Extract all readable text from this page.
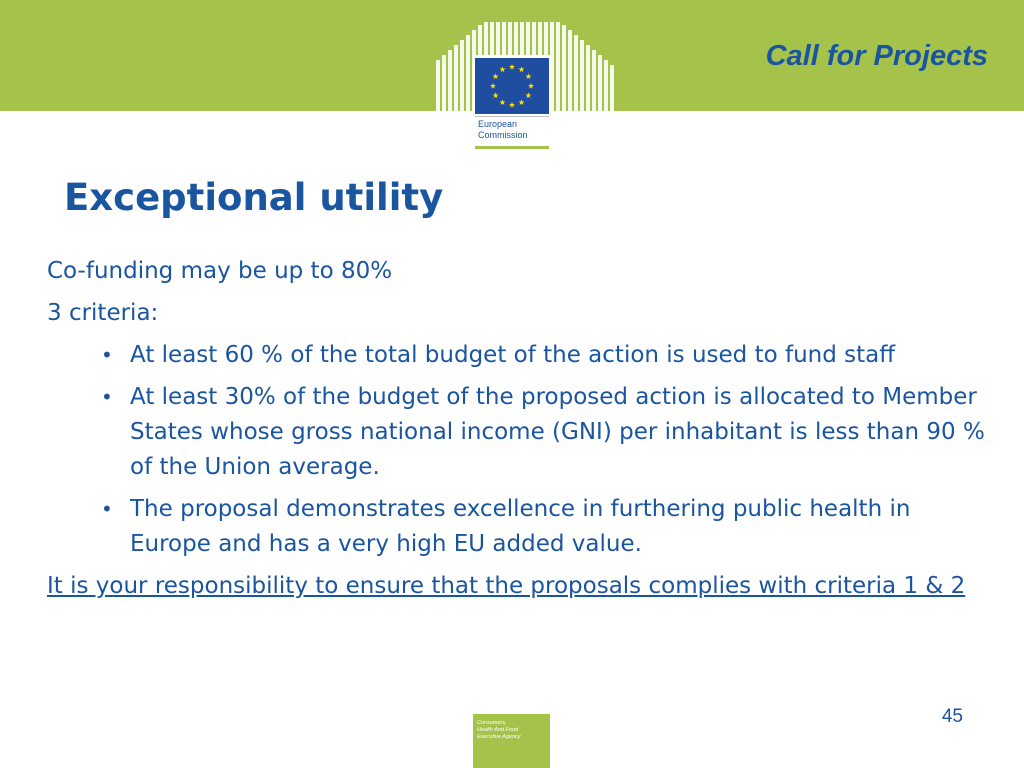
Call for Projects
European
Commission
Exceptional utility

Co-funding may be up to 80%

3 criteria:

• At least 60 % of the total budget of the action is used to fund staff
• At least 30% of the budget of the proposed action is allocated to Member States whose gross national income (GNI) per inhabitant is less than 90 % of the Union average.
• The proposal demonstrates excellence in furthering public health in Europe and has a very high EU added value.

It is your responsibility to ensure that the proposals complies with criteria 1 & 2

45
Consumers,
Health And Food
Executive Agency
